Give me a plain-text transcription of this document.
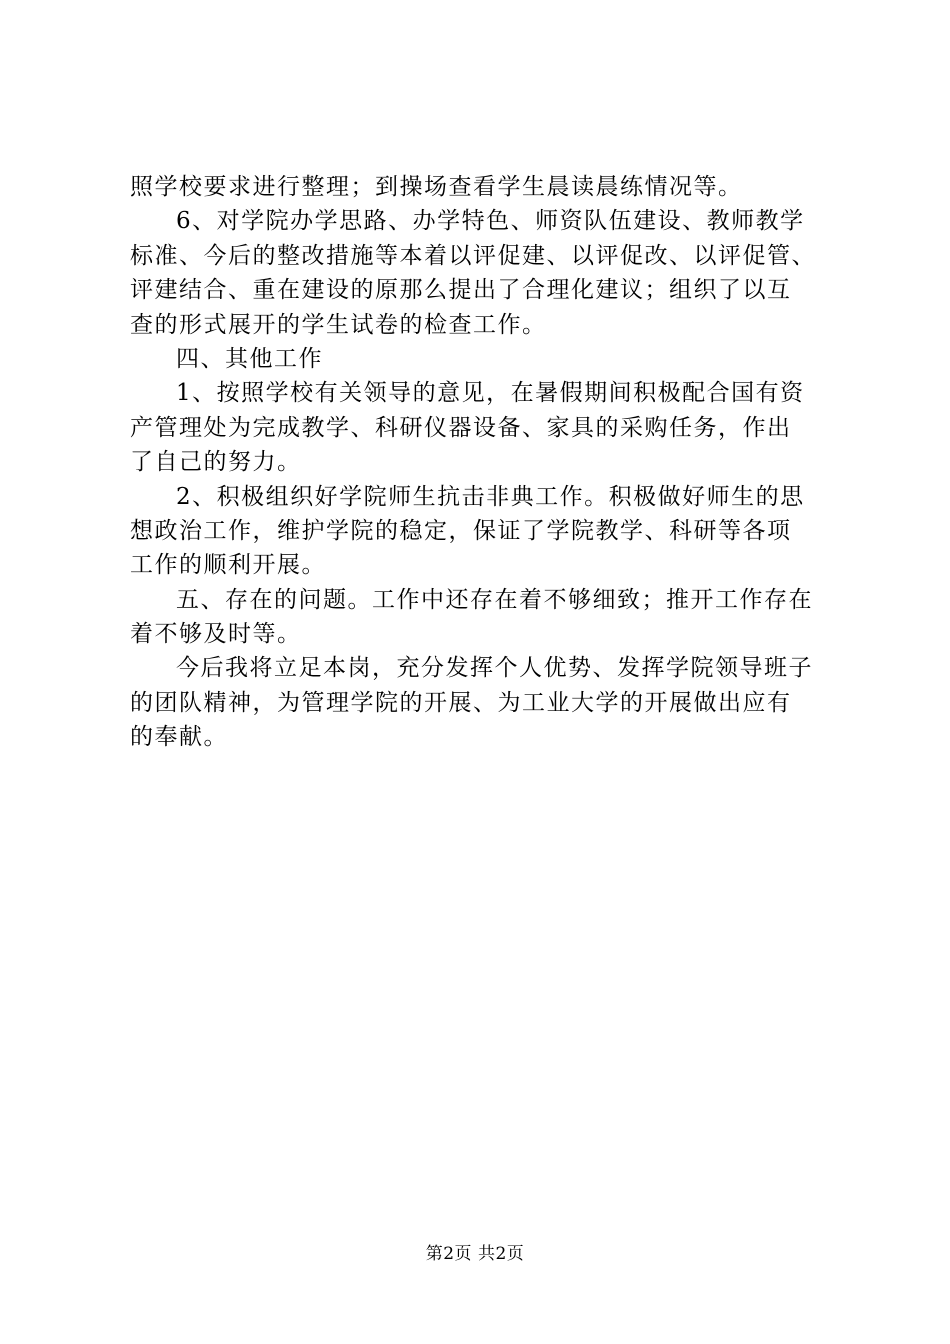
照学校要求进行整理；到操场查看学生晨读晨练情况等。
6、对学院办学思路、办学特色、师资队伍建设、教师教学
标准、今后的整改措施等本着以评促建、以评促改、以评促管、
评建结合、重在建设的原那么提出了合理化建议；组织了以互
查的形式展开的学生试卷的检查工作。
四、其他工作
1、按照学校有关领导的意见，在暑假期间积极配合国有资
产管理处为完成教学、科研仪器设备、家具的采购任务，作出
了自己的努力。
2、积极组织好学院师生抗击非典工作。积极做好师生的思
想政治工作，维护学院的稳定，保证了学院教学、科研等各项
工作的顺利开展。
五、存在的问题。工作中还存在着不够细致；推开工作存在
着不够及时等。
今后我将立足本岗，充分发挥个人优势、发挥学院领导班子
的团队精神，为管理学院的开展、为工业大学的开展做出应有
的奉献。
第2页 共2页
